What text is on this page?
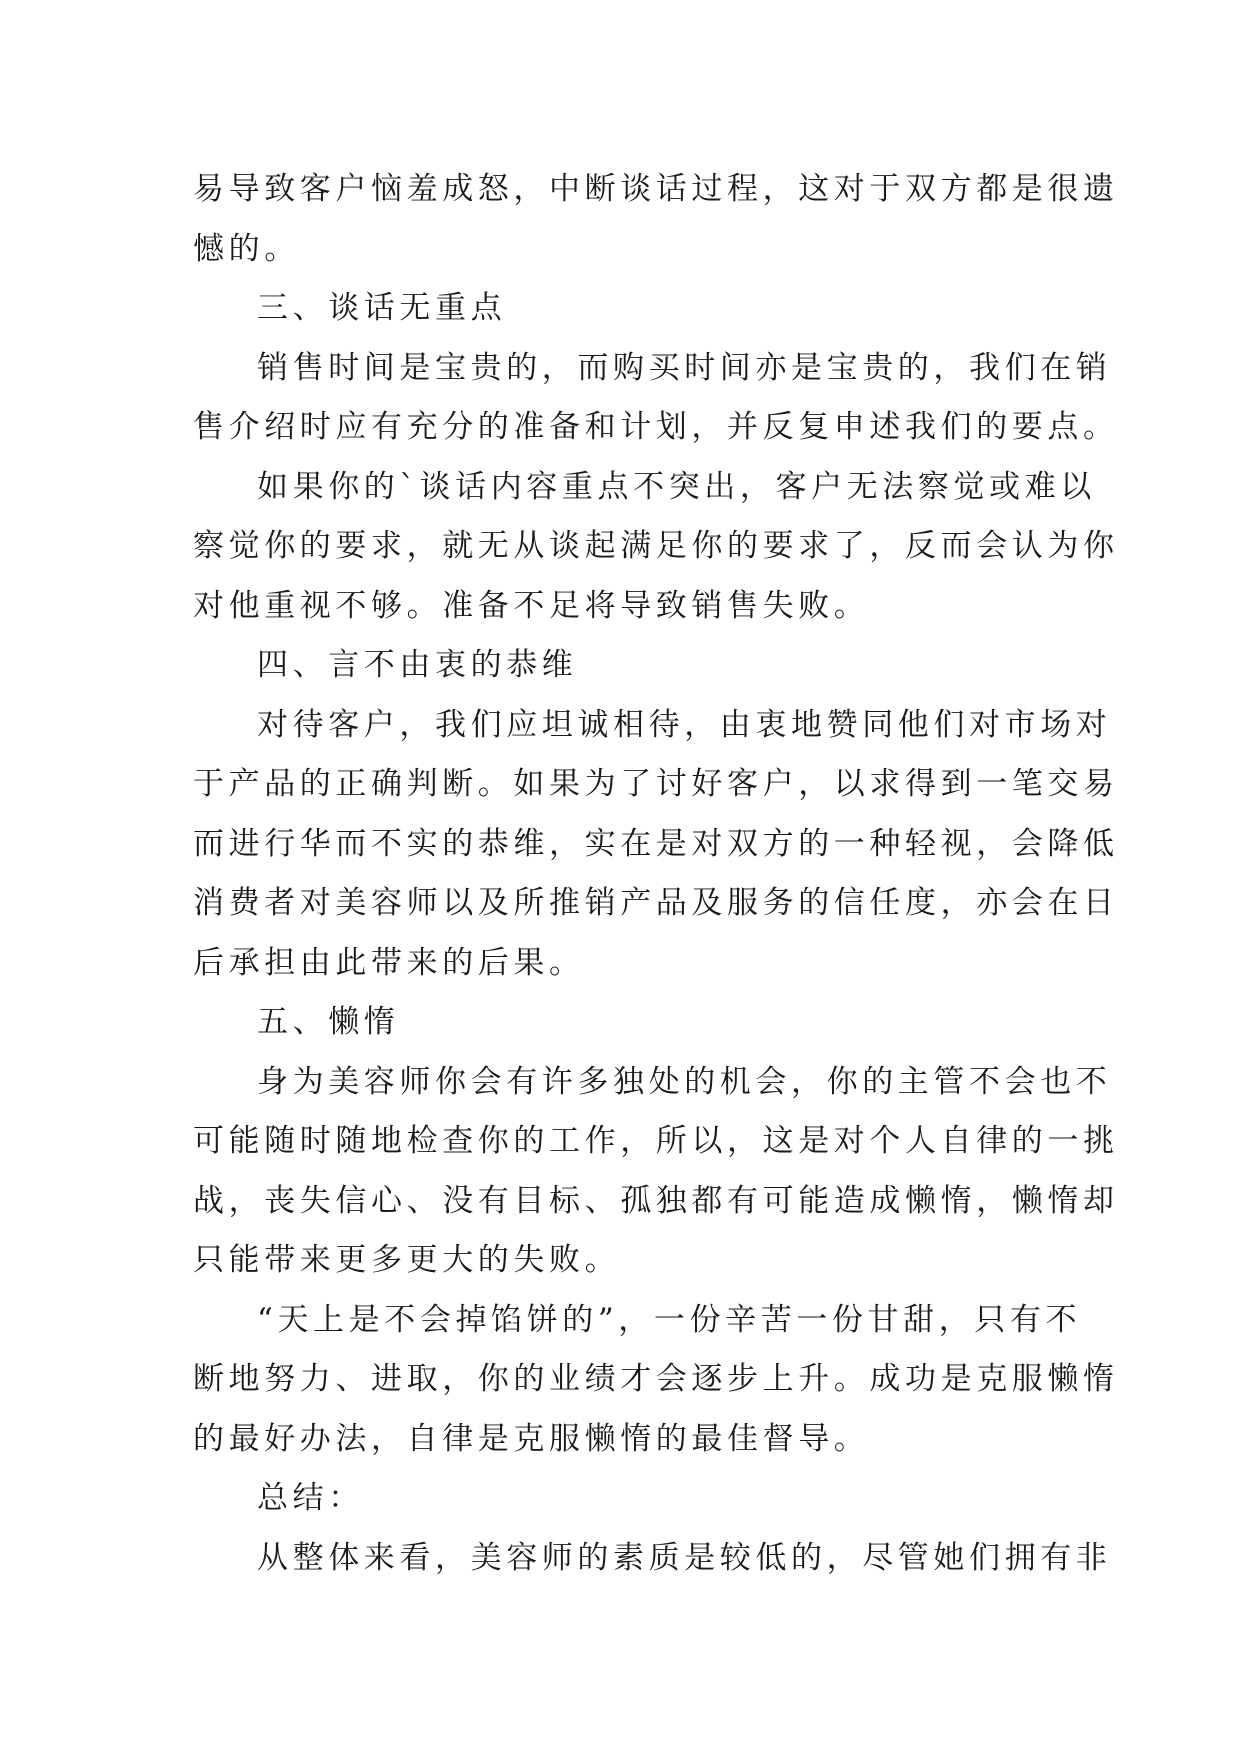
易导致客户恼羞成怒，中断谈话过程，这对于双方都是很遗
憾的。
三、谈话无重点
销售时间是宝贵的，而购买时间亦是宝贵的，我们在销
售介绍时应有充分的准备和计划，并反复申述我们的要点。
如果你的`谈话内容重点不突出，客户无法察觉或难以
察觉你的要求，就无从谈起满足你的要求了，反而会认为你
对他重视不够。准备不足将导致销售失败。
四、言不由衷的恭维
对待客户，我们应坦诚相待，由衷地赞同他们对市场对
于产品的正确判断。如果为了讨好客户，以求得到一笔交易
而进行华而不实的恭维，实在是对双方的一种轻视，会降低
消费者对美容师以及所推销产品及服务的信任度，亦会在日
后承担由此带来的后果。
五、懒惰
身为美容师你会有许多独处的机会，你的主管不会也不
可能随时随地检查你的工作，所以，这是对个人自律的一挑
战，丧失信心、没有目标、孤独都有可能造成懒惰，懒惰却
只能带来更多更大的失败。
“天上是不会掉馅饼的”，一份辛苦一份甘甜，只有不
断地努力、进取，你的业绩才会逐步上升。成功是克服懒惰
的最好办法，自律是克服懒惰的最佳督导。
总结：
从整体来看，美容师的素质是较低的，尽管她们拥有非
